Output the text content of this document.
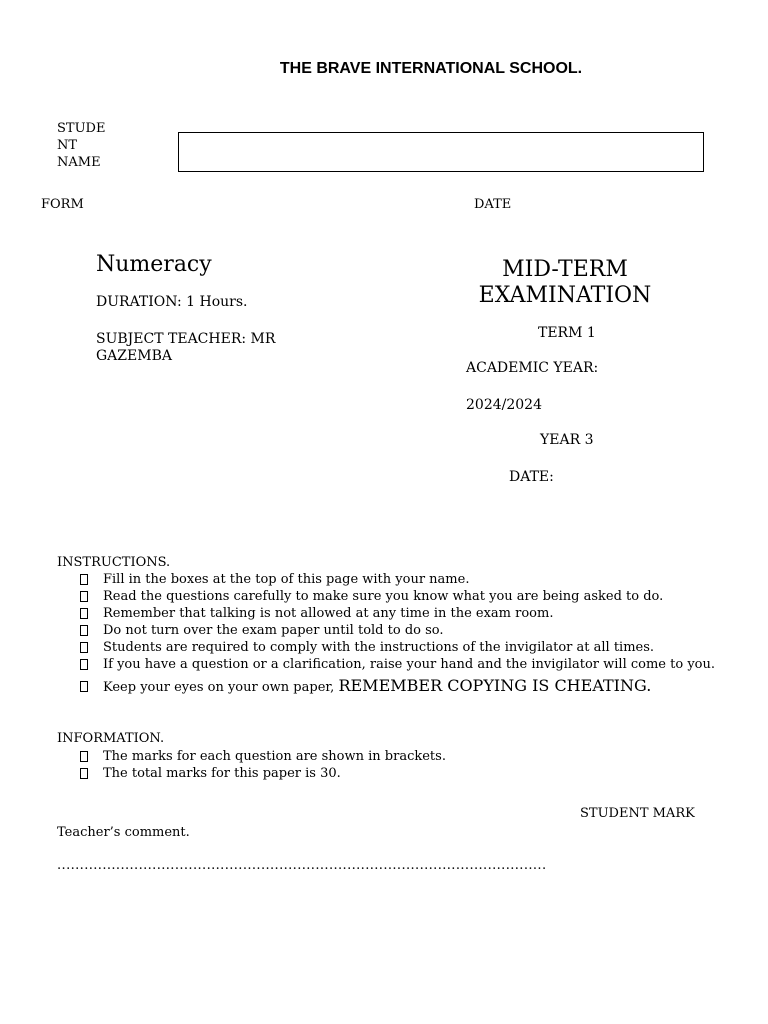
THE BRAVE INTERNATIONAL SCHOOL.
STUDE
NT
NAME
FORM	DATE
Numeracy
DURATION: 1 Hours.
SUBJECT TEACHER: MR GAZEMBA
MID-TERM
EXAMINATION
TERM 1
ACADEMIC YEAR:
2024/2024
YEAR 3
DATE:
INSTRUCTIONS.
Fill in the boxes at the top of this page with your name.
Read the questions carefully to make sure you know what you are being asked to do.
Remember that talking is not allowed at any time in the exam room.
Do not turn over the exam paper until told to do so.
Students are required to comply with the instructions of the invigilator at all times.
If you have a question or a clarification, raise your hand and the invigilator will come to you.
Keep your eyes on your own paper, REMEMBER COPYING IS CHEATING.
INFORMATION.
The marks for each question are shown in brackets.
The total marks for this paper is 30.
STUDENT MARK
Teacher’s comment.
............................................................................................................
